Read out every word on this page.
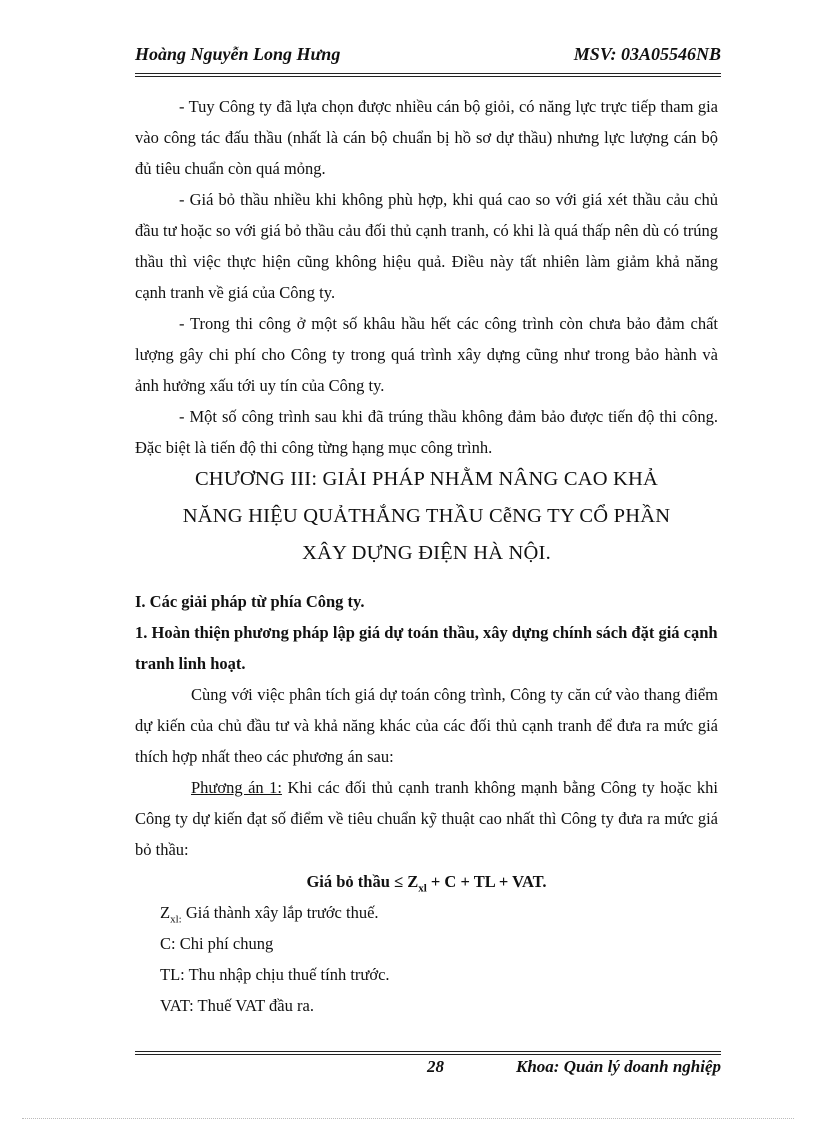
Hoàng Nguyễn Long Hưng	MSV: 03A05546NB
- Tuy Công ty đã lựa chọn được nhiều cán bộ giỏi, có năng lực trực tiếp tham gia vào công tác đấu thầu (nhất là cán bộ chuẩn bị hồ sơ dự thầu) nhưng lực lượng cán bộ đủ tiêu chuẩn còn quá mỏng.
- Giá bỏ thầu nhiều khi không phù hợp, khi quá cao so với giá xét thầu cảu chủ đầu tư hoặc so với giá bỏ thầu cảu đối thủ cạnh tranh, có khi là quá thấp nên dù có trúng thầu thì việc thực hiện cũng không hiệu quả. Điều này tất nhiên làm giảm khả năng cạnh tranh về giá của Công ty.
- Trong thi công ở một số khâu hầu hết các công trình còn chưa bảo đảm chất lượng gây chi phí cho Công ty trong quá trình xây dựng cũng như trong bảo hành và ảnh hưởng xấu tới uy tín của Công ty.
- Một số công trình sau khi đã trúng thầu không đảm bảo được tiến độ thi công. Đặc biệt là tiến độ thi công từng hạng mục công trình.
CHƯƠNG III: GIẢI PHÁP NHẰM NÂNG CAO KHẢ
NĂNG HIỆU QUẢTHẮNG THẦU CễNG TY CỔ PHẦN
XÂY DỰNG ĐIỆN HÀ NỘI.
I. Các giải pháp từ phía Công ty.
1. Hoàn thiện phương pháp lập giá dự toán thầu, xây dựng chính sách đặt giá cạnh tranh linh hoạt.
Cùng với việc phân tích giá dự toán công trình, Công ty căn cứ vào thang điểm dự kiến của chủ đầu tư và khả năng khác của các đối thủ cạnh tranh để đưa ra mức giá thích hợp nhất theo các phương án sau:
Phương án 1: Khi các đối thủ cạnh tranh không mạnh bằng Công ty hoặc khi Công ty dự kiến đạt số điểm về tiêu chuẩn kỹ thuật cao nhất thì Công ty đưa ra mức giá bỏ thầu:
Giá bỏ thầu ≤ $Z_{xl} + C$ + TL + VAT.
$Z_{xl:}$ Giá thành xây lắp trước thuế.
C: Chi phí chung
TL: Thu nhập chịu thuế tính trước.
VAT: Thuế VAT đầu ra.
28	Khoa: Quản lý doanh nghiệp
